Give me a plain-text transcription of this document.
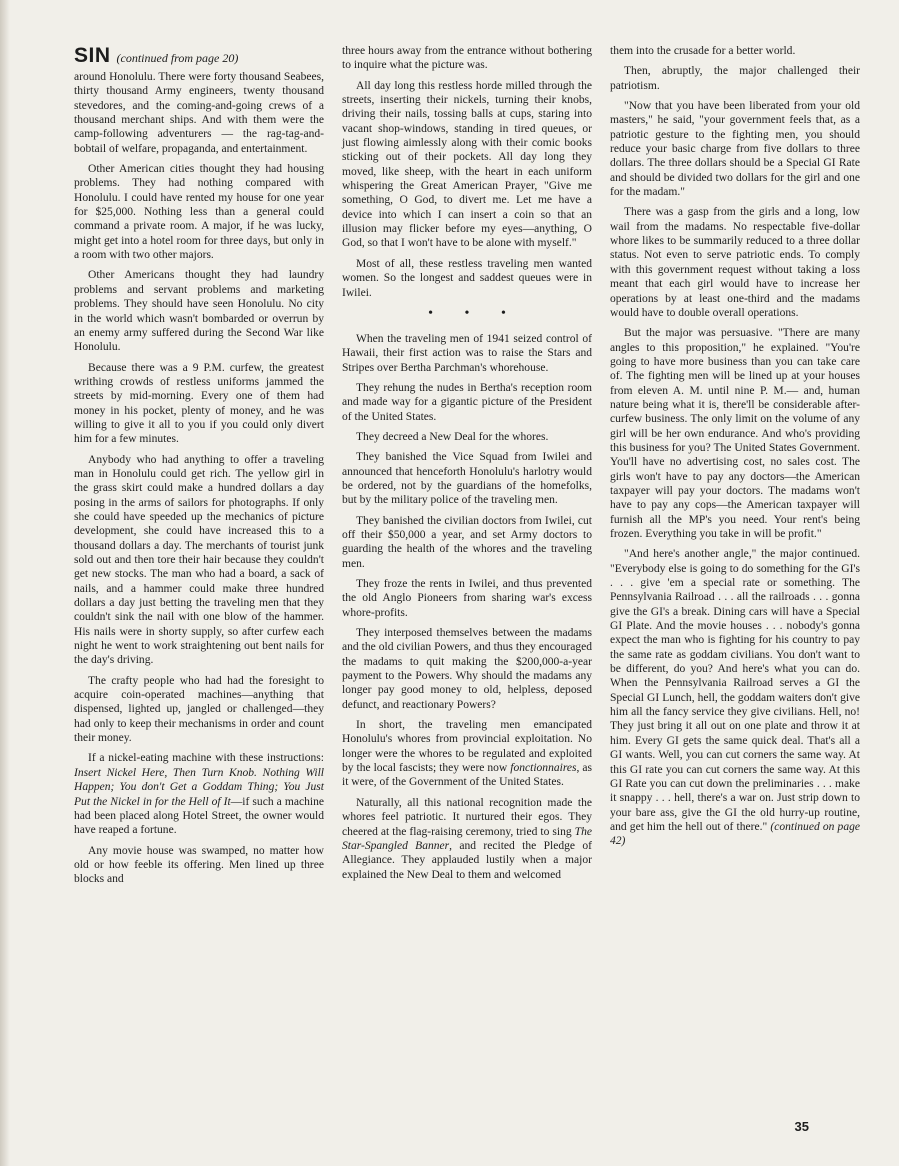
SIN (continued from page 20)

around Honolulu. There were forty thousand Seabees, thirty thousand Army engineers, twenty thousand stevedores, and the coming-and-going crews of a thousand merchant ships. And with them were the camp-following adventurers — the rag-tag-and-bobtail of welfare, propaganda, and entertainment.

Other American cities thought they had housing problems. They had nothing compared with Honolulu. I could have rented my house for one year for $25,000. Nothing less than a general could command a private room. A major, if he was lucky, might get into a hotel room for three days, but only in a room with two other majors.

Other Americans thought they had laundry problems and servant problems and marketing problems. They should have seen Honolulu. No city in the world which wasn't bombarded or overrun by an enemy army suffered during the Second War like Honolulu.

Because there was a 9 P.M. curfew, the greatest writhing crowds of restless uniforms jammed the streets by mid-morning. Every one of them had money in his pocket, plenty of money, and he was willing to give it all to you if you could only divert him for a few minutes.

Anybody who had anything to offer a traveling man in Honolulu could get rich. The yellow girl in the grass skirt could make a hundred dollars a day posing in the arms of sailors for photographs. If only she could have speeded up the mechanics of picture development, she could have increased this to a thousand dollars a day. The merchants of tourist junk sold out and then tore their hair because they couldn't get new stocks. The man who had a board, a sack of nails, and a hammer could make three hundred dollars a day just betting the traveling men that they couldn't sink the nail with one blow of the hammer. His nails were in shorty supply, so after curfew each night he went to work straightening out bent nails for the day's driving.

The crafty people who had had the foresight to acquire coin-operated machines—anything that dispensed, lighted up, jangled or challenged—they had only to keep their mechanisms in order and count their money.

If a nickel-eating machine with these instructions: Insert Nickel Here, Then Turn Knob. Nothing Will Happen; You don't Get a Goddam Thing; You Just Put the Nickel in for the Hell of It—if such a machine had been placed along Hotel Street, the owner would have reaped a fortune.

Any movie house was swamped, no matter how old or how feeble its offering. Men lined up three blocks and

three hours away from the entrance without bothering to inquire what the picture was.

All day long this restless horde milled through the streets, inserting their nickels, turning their knobs, driving their nails, tossing balls at cups, staring into vacant shop-windows, standing in tired queues, or just flowing aimlessly along with their comic books sticking out of their pockets. All day long they moved, like sheep, with the heart in each uniform whispering the Great American Prayer, "Give me something, O God, to divert me. Let me have a device into which I can insert a coin so that an illusion may flicker before my eyes—anything, O God, so that I won't have to be alone with myself."

Most of all, these restless traveling men wanted women. So the longest and saddest queues were in Iwilei.

• • •

When the traveling men of 1941 seized control of Hawaii, their first action was to raise the Stars and Stripes over Bertha Parchman's whorehouse.

They rehung the nudes in Bertha's reception room and made way for a gigantic picture of the President of the United States.

They decreed a New Deal for the whores.

They banished the Vice Squad from Iwilei and announced that henceforth Honolulu's harlotry would be ordered, not by the guardians of the homefolks, but by the military police of the traveling men.

They banished the civilian doctors from Iwilei, cut off their $50,000 a year, and set Army doctors to guarding the health of the whores and the traveling men.

They froze the rents in Iwilei, and thus prevented the old Anglo Pioneers from sharing war's excess whore-profits.

They interposed themselves between the madams and the old civilian Powers, and thus they encouraged the madams to quit making the $200,000-a-year payment to the Powers. Why should the madams any longer pay good money to old, helpless, deposed defunct, and reactionary Powers?

In short, the traveling men emancipated Honolulu's whores from provincial exploitation. No longer were the whores to be regulated and exploited by the local fascists; they were now fonctionnaires, as it were, of the Government of the United States.

Naturally, all this national recognition made the whores feel patriotic. It nurtured their egos. They cheered at the flag-raising ceremony, tried to sing The Star-Spangled Banner, and recited the Pledge of Allegiance. They applauded lustily when a major explained the New Deal to them and welcomed

them into the crusade for a better world.

Then, abruptly, the major challenged their patriotism.

"Now that you have been liberated from your old masters," he said, "your government feels that, as a patriotic gesture to the fighting men, you should reduce your basic charge from five dollars to three dollars. The three dollars should be a Special GI Rate and should be divided two dollars for the girl and one for the madam."

There was a gasp from the girls and a long, low wail from the madams. No respectable five-dollar whore likes to be summarily reduced to a three dollar status. Not even to serve patriotic ends. To comply with this government request without taking a loss meant that each girl would have to increase her operations by at least one-third and the madams would have to double overall operations.

But the major was persuasive. "There are many angles to this proposition," he explained. "You're going to have more business than you can take care of. The fighting men will be lined up at your houses from eleven A. M. until nine P. M.— and, human nature being what it is, there'll be considerable after-curfew business. The only limit on the volume of any girl will be her own endurance. And who's providing this business for you? The United States Government. You'll have no advertising cost, no sales cost. The girls won't have to pay any doctors—the American taxpayer will pay your doctors. The madams won't have to pay any cops—the American taxpayer will furnish all the MP's you need. Your rent's being frozen. Everything you take in will be profit."

"And here's another angle," the major continued. "Everybody else is going to do something for the GI's . . . give 'em a special rate or something. The Pennsylvania Railroad . . . all the railroads . . . gonna give the GI's a break. Dining cars will have a Special GI Plate. And the movie houses . . . nobody's gonna expect the man who is fighting for his country to pay the same rate as goddam civilians. You don't want to be different, do you? And here's what you can do. When the Pennsylvania Railroad serves a GI the Special GI Lunch, hell, the goddam waiters don't give him all the fancy service they give civilians. Hell, no! They just bring it all out on one plate and throw it at him. Every GI gets the same quick deal. That's all a GI wants. Well, you can cut corners the same way. At this GI rate you can cut corners the same way. At this GI Rate you can cut down the preliminaries . . . make it snappy . . . hell, there's a war on. Just strip down to your bare ass, give the GI the old hurry-up routine, and get him the hell out of there." (continued on page 42)

35
